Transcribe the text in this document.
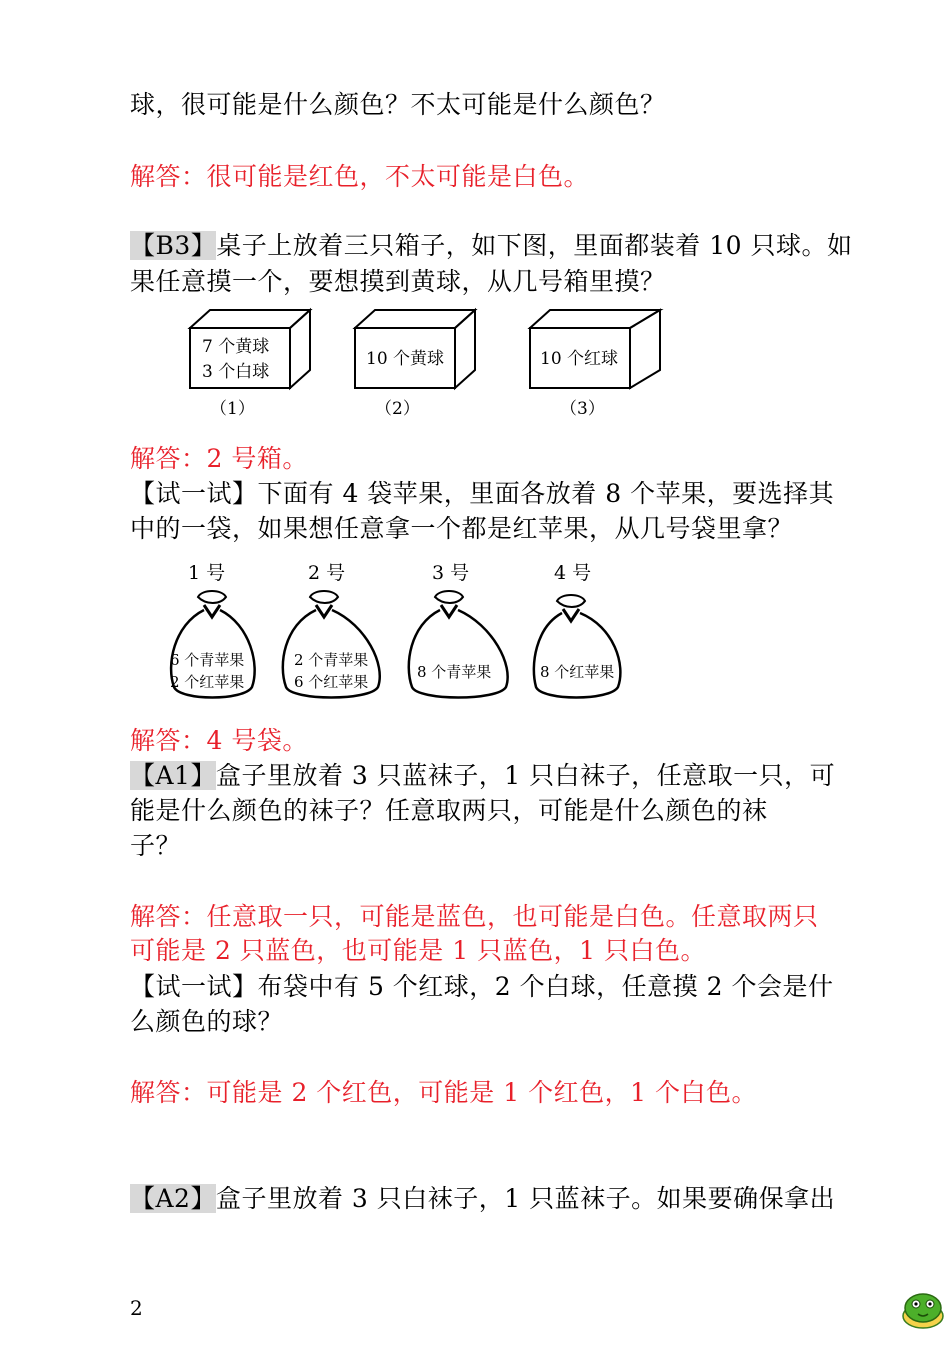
球，很可能是什么颜色？不太可能是什么颜色？
解答：很可能是红色，不太可能是白色。
【B3】桌子上放着三只箱子，如下图，里面都装着 10 只球。如
果任意摸一个，要想摸到黄球，从几号箱里摸？
7 个黄球
3 个白球
（1）
10 个黄球
（2）
10 个红球
（3）
解答：2 号箱。
【试一试】下面有 4 袋苹果，里面各放着 8 个苹果，要选择其
中的一袋，如果想任意拿一个都是红苹果，从几号袋里拿？
1 号
6 个青苹果
2 个红苹果
2 号
2 个青苹果
6 个红苹果
3 号
8 个青苹果
4 号
8 个红苹果
解答：4 号袋。
【A1】盒子里放着 3 只蓝袜子，1 只白袜子，任意取一只，可
能是什么颜色的袜子？任意取两只，可能是什么颜色的袜
子？
解答：任意取一只，可能是蓝色，也可能是白色。任意取两只
可能是 2 只蓝色，也可能是 1 只蓝色，1 只白色。
【试一试】布袋中有 5 个红球，2 个白球，任意摸 2 个会是什
么颜色的球？
解答：可能是 2 个红色，可能是 1 个红色，1 个白色。
【A2】盒子里放着 3 只白袜子，1 只蓝袜子。如果要确保拿出
2
